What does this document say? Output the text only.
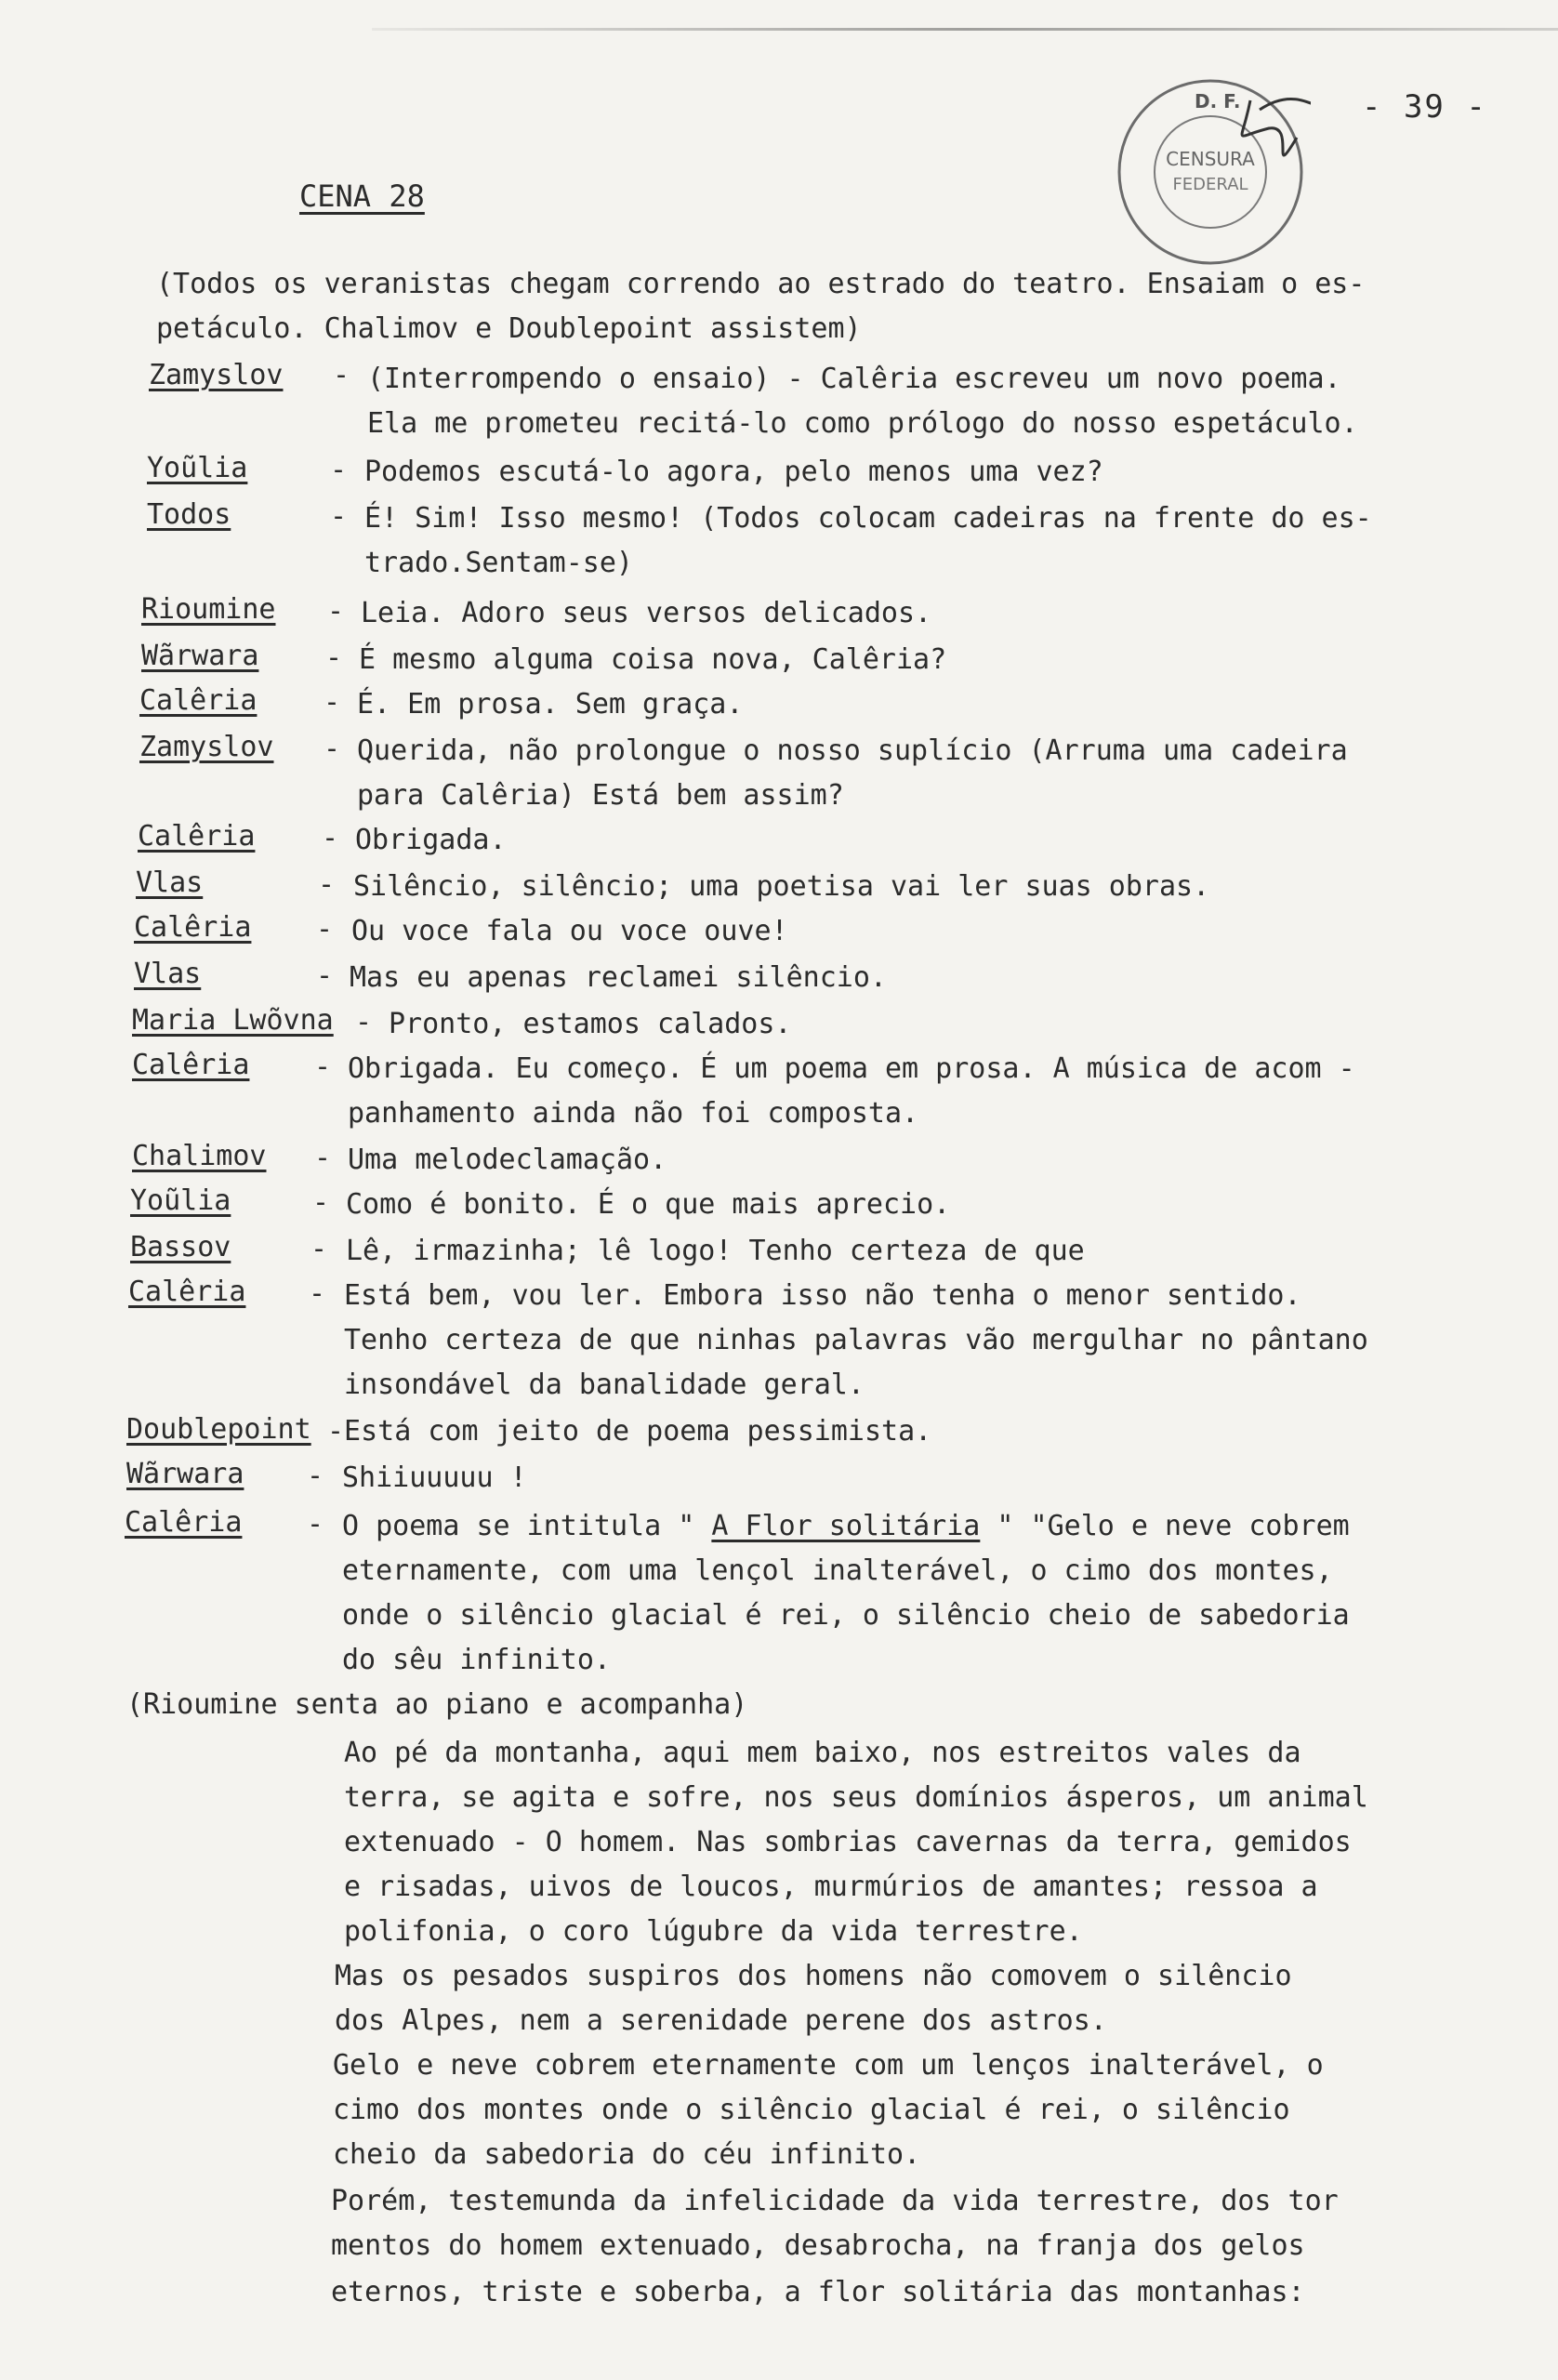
CENSURA
FEDERAL
D. F.	- 39 -
CENA 28
(Todos os veranistas chegam correndo ao estrado do teatro. Ensaiam o es-
petáculo. Chalimov e Doublepoint assistem)
Zamyslov - (Interrompendo o ensaio) - Calêria escreveu um novo poema.
Ela me prometeu recitá-lo como prólogo do nosso espetáculo.
Yoũlia	- Podemos escutá-lo agora, pelo menos uma vez?
Todos	- É! Sim! Isso mesmo! (Todos colocam cadeiras na frente do es-
trado.Sentam-se)
Rioumine - Leia. Adoro seus versos delicados.
Wãrwara - É mesmo alguma coisa nova, Calêria?
Calêria - É. Em prosa. Sem graça.
Zamyslov - Querida, não prolongue o nosso suplício (Arruma uma cadeira
para Calêria) Está bem assim?
Calêria - Obrigada.
Vlas	- Silêncio, silêncio; uma poetisa vai ler suas obras.
Calêria - Ou voce fala ou voce ouve!
Vlas	- Mas eu apenas reclamei silêncio.
Maria Lwõvna - Pronto, estamos calados.
Calêria - Obrigada. Eu começo. É um poema em prosa. A música de acom -
panhamento ainda não foi composta.
Chalimov - Uma melodeclamação.
Yoũlia	- Como é bonito. É o que mais aprecio.
Bassov	- Lê, irmazinha; lê logo! Tenho certeza de que
Calêria - Está bem, vou ler. Embora isso não tenha o menor sentido.
Tenho certeza de que ninhas palavras vão mergulhar no pântano
insondável da banalidade geral.
Doublepoint -Está com jeito de poema pessimista.
Wãrwara - Shiiuuuuu !
Calêria - O poema se intitula " A Flor solitária " "Gelo e neve cobrem
eternamente, com uma lençol inalterável, o cimo dos montes,
onde o silêncio glacial é rei, o silêncio cheio de sabedoria
do sêu infinito.
(Rioumine senta ao piano e acompanha)
Ao pé da montanha, aqui mem baixo, nos estreitos vales da
terra, se agita e sofre, nos seus domínios ásperos, um animal
extenuado - O homem. Nas sombrias cavernas da terra, gemidos
e risadas, uivos de loucos, murmúrios de amantes; ressoa a
polifonia, o coro lúgubre da vida terrestre.
Mas os pesados suspiros dos homens não comovem o silêncio
dos Alpes, nem a serenidade perene dos astros.
Gelo e neve cobrem eternamente com um lenços inalterável, o
cimo dos montes onde o silêncio glacial é rei, o silêncio
cheio da sabedoria do céu infinito.
Porém, testemunda da infelicidade da vida terrestre, dos tor
mentos do homem extenuado, desabrocha, na franja dos gelos
eternos, triste e soberba, a flor solitária das montanhas:
